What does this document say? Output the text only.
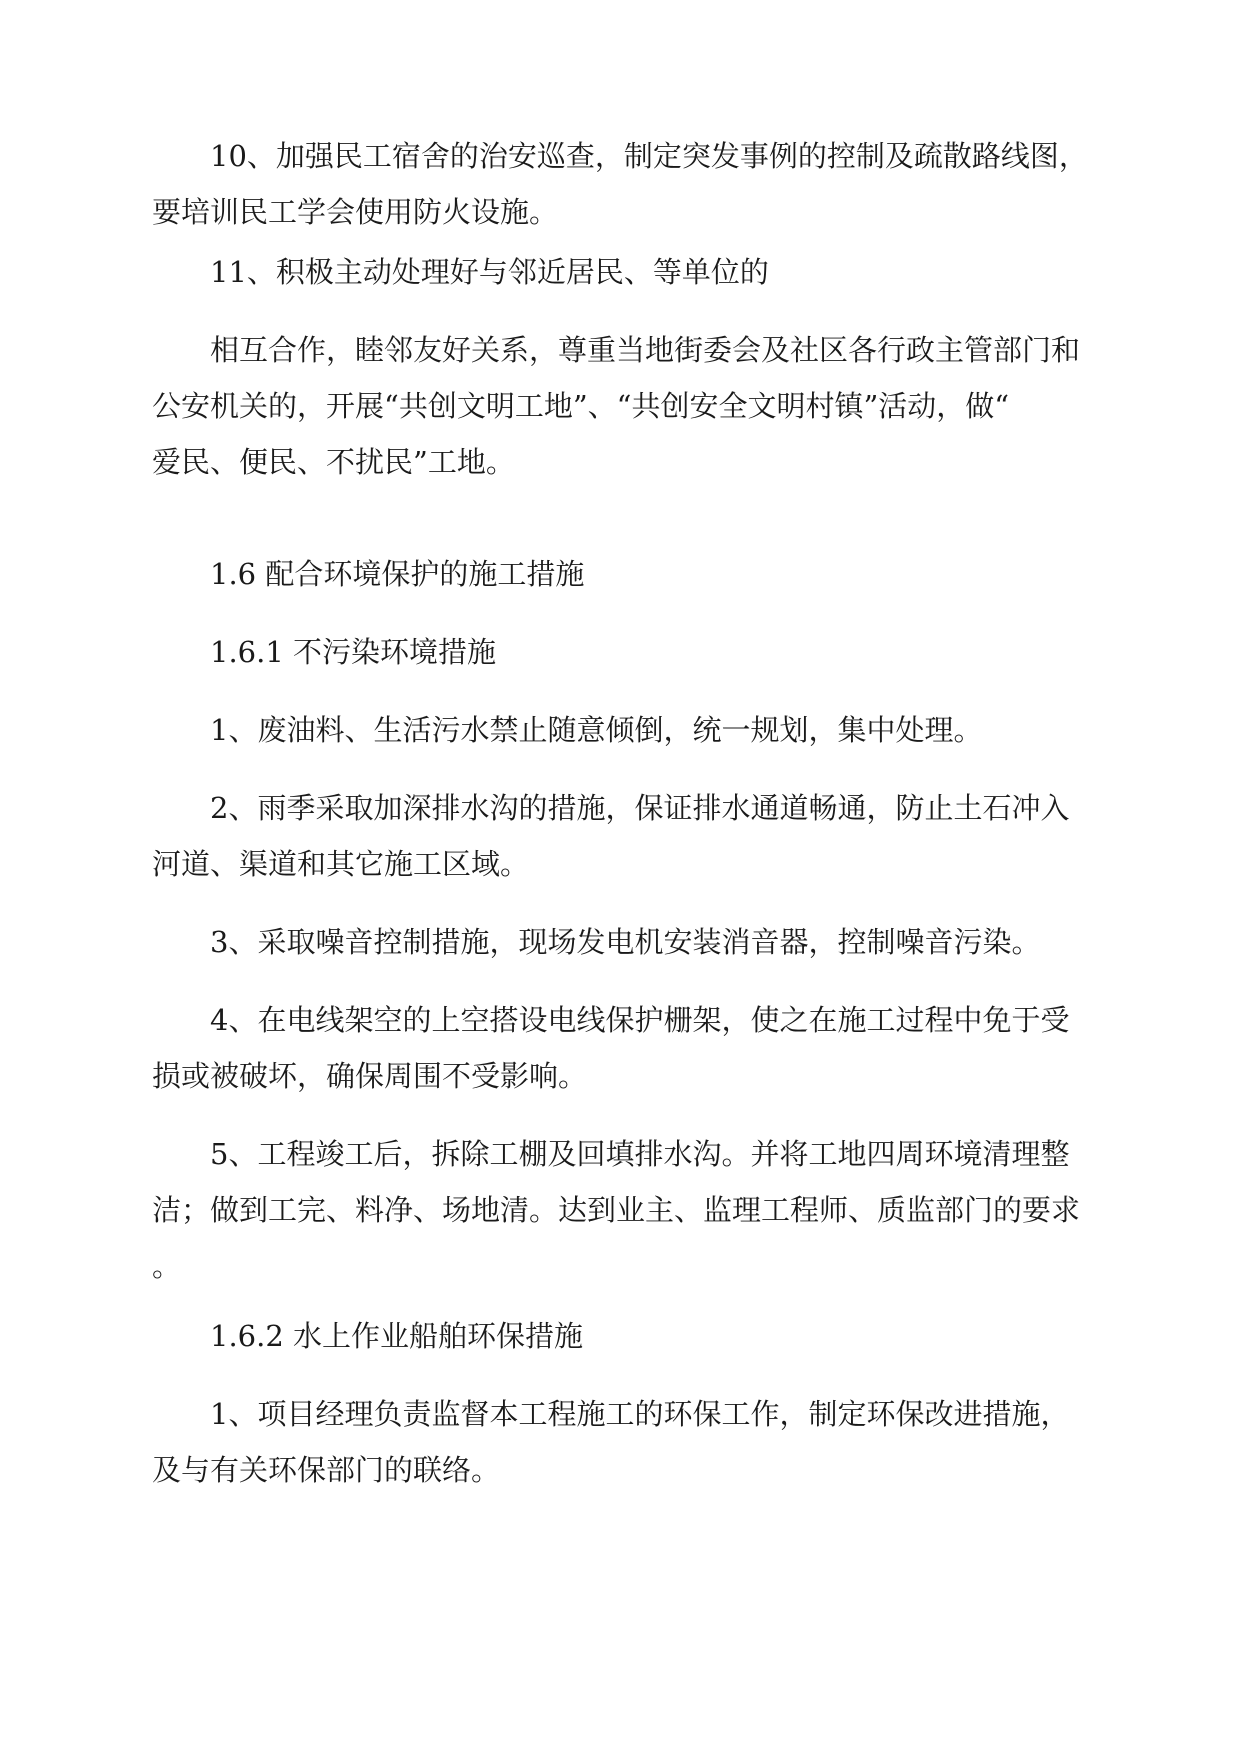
10、加强民工宿舍的治安巡查，制定突发事例的控制及疏散路线图，
要培训民工学会使用防火设施。
11、积极主动处理好与邻近居民、等单位的
相互合作，睦邻友好关系，尊重当地街委会及社区各行政主管部门和
公安机关的，开展“共创文明工地”、“共创安全文明村镇”活动，做“
爱民、便民、不扰民”工地。
1.6 配合环境保护的施工措施
1.6.1 不污染环境措施
1、废油料、生活污水禁止随意倾倒，统一规划，集中处理。
2、雨季采取加深排水沟的措施，保证排水通道畅通，防止土石冲入
河道、渠道和其它施工区域。
3、采取噪音控制措施，现场发电机安装消音器，控制噪音污染。
4、在电线架空的上空搭设电线保护栅架，使之在施工过程中免于受
损或被破坏，确保周围不受影响。
5、工程竣工后，拆除工棚及回填排水沟。并将工地四周环境清理整
洁；做到工完、料净、场地清。达到业主、监理工程师、质监部门的要求
。
1.6.2 水上作业船舶环保措施
1、项目经理负责监督本工程施工的环保工作，制定环保改进措施，
及与有关环保部门的联络。
